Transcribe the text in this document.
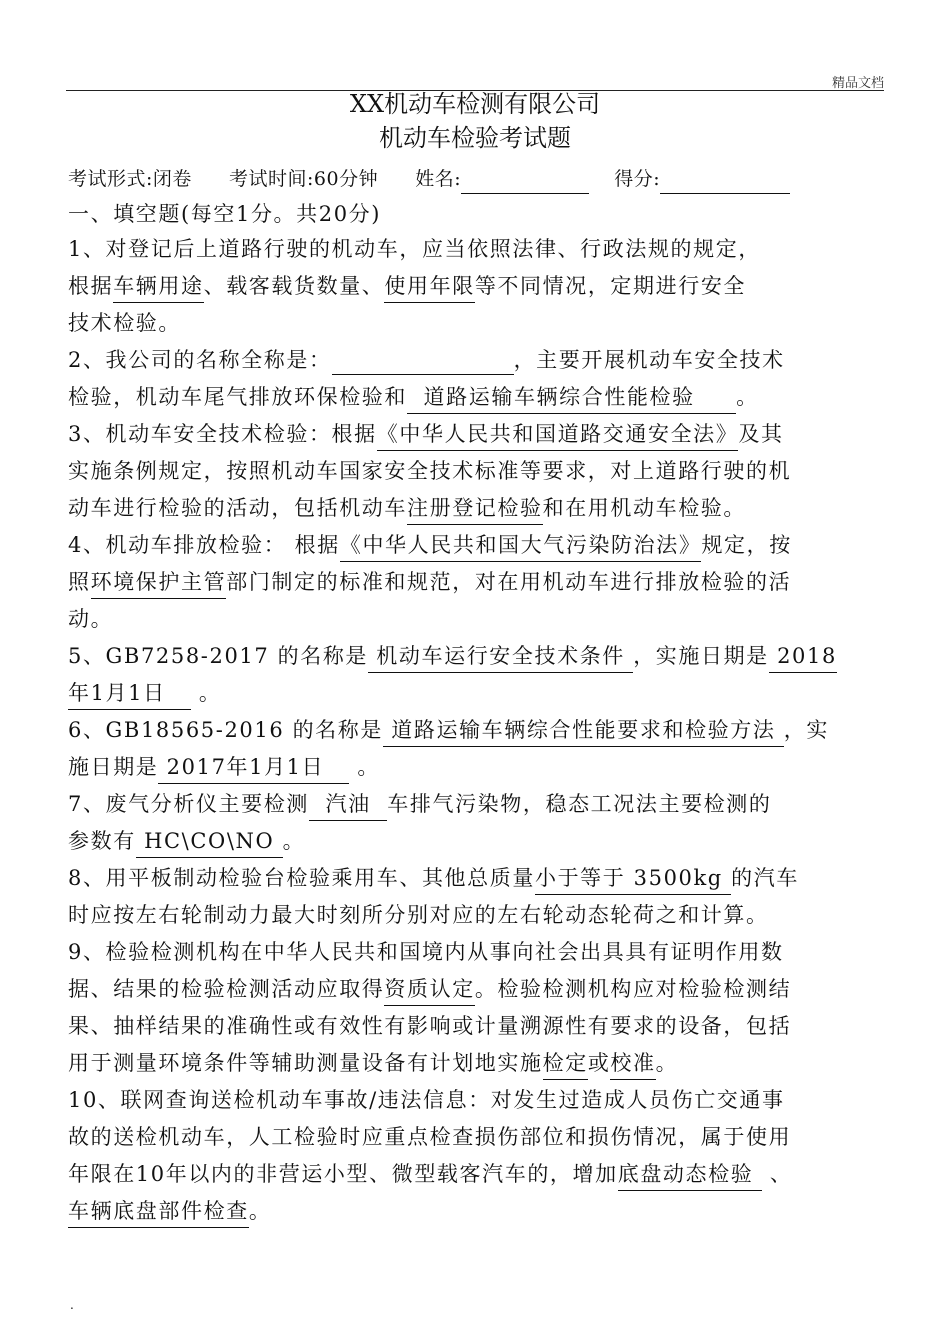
精品文档
XX机动车检测有限公司
机动车检验考试题
考试形式:闭卷 考试时间:60分钟 姓名:	得分:
一、填空题(每空1分。共20分)
1、对登记后上道路行驶的机动车，应当依照法律、行政法规的规定，
根据车辆用途、载客载货数量、使用年限等不同情况，定期进行安全
技术检验。
2、我公司的名称全称是：	，主要开展机动车安全技术
检验，机动车尾气排放环保检验和  道路运输车辆综合性能检验     。
3、机动车安全技术检验：根据《中华人民共和国道路交通安全法》及其
实施条例规定，按照机动车国家安全技术标准等要求，对上道路行驶的机
动车进行检验的活动，包括机动车注册登记检验和在用机动车检验。
4、机动车排放检验： 根据《中华人民共和国大气污染防治法》规定，按
照环境保护主管部门制定的标准和规范，对在用机动车进行排放检验的活
动。
5、GB7258-2017 的名称是 机动车运行安全技术条件 ，实施日期是 2018
年1月1日    。
6、GB18565-2016 的名称是 道路运输车辆综合性能要求和检验方法 ，实
施日期是 2017年1月1日    。
7、废气分析仪主要检测  汽油  车排气污染物，稳态工况法主要检测的
参数有 HC\CO\NO 。
8、用平板制动检验台检验乘用车、其他总质量小于等于 3500kg 的汽车
时应按左右轮制动力最大时刻所分别对应的左右轮动态轮荷之和计算。
9、检验检测机构在中华人民共和国境内从事向社会出具具有证明作用数
据、结果的检验检测活动应取得资质认定。检验检测机构应对检验检测结
果、抽样结果的准确性或有效性有影响或计量溯源性有要求的设备，包括
用于测量环境条件等辅助测量设备有计划地实施检定或校准。
10、联网查询送检机动车事故/违法信息：对发生过造成人员伤亡交通事
故的送检机动车，人工检验时应重点检查损伤部位和损伤情况，属于使用
年限在10年以内的非营运小型、微型载客汽车的，增加底盘动态检验  、
车辆底盘部件检查。
.
